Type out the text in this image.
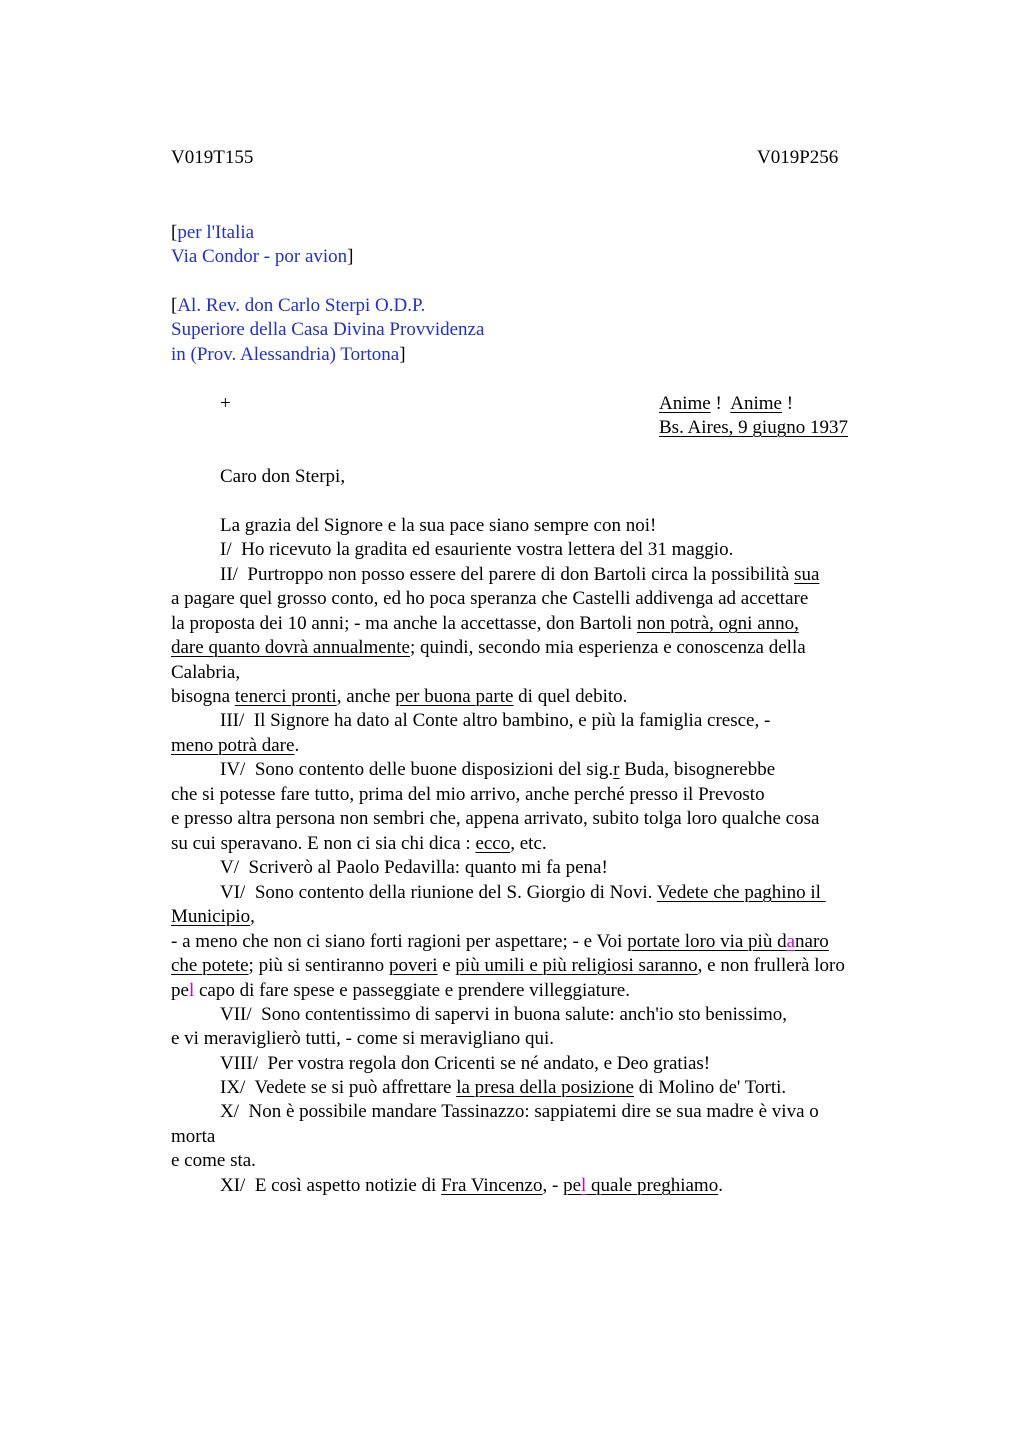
V019T155	V019P256
[per l'Italia
Via Condor - por avion]
[Al. Rev. don Carlo Sterpi O.D.P.
Superiore della Casa Divina Provvidenza
in (Prov. Alessandria) Tortona]
+	Anime !  Anime !
Bs. Aires, 9 giugno 1937
Caro don Sterpi,
La grazia del Signore e la sua pace siano sempre con noi!
I/  Ho ricevuto la gradita ed esauriente vostra lettera del 31 maggio.
II/  Purtroppo non posso essere del parere di don Bartoli circa la possibilità sua
a pagare quel grosso conto, ed ho poca speranza che Castelli addivenga ad accettare
la proposta dei 10 anni; - ma anche la accettasse, don Bartoli non potrà, ogni anno,
dare quanto dovrà annualmente; quindi, secondo mia esperienza e conoscenza della
Calabria,
bisogna tenerci pronti, anche per buona parte di quel debito.
III/  Il Signore ha dato al Conte altro bambino, e più la famiglia cresce, -
meno potrà dare.
IV/  Sono contento delle buone disposizioni del sig.r Buda, bisognerebbe
che si potesse fare tutto, prima del mio arrivo, anche perché presso il Prevosto
e presso altra persona non sembri che, appena arrivato, subito tolga loro qualche cosa
su cui speravano. E non ci sia chi dica : ecco, etc.
V/  Scriverò al Paolo Pedavilla: quanto mi fa pena!
VI/  Sono contento della riunione del S. Giorgio di Novi. Vedete che paghino il
Municipio,
- a meno che non ci siano forti ragioni per aspettare; - e Voi portate loro via più danaro
che potete; più si sentiranno poveri e più umili e più religiosi saranno, e non frullerà loro
pel capo di fare spese e passeggiate e prendere villeggiature.
VII/  Sono contentissimo di sapervi in buona salute: anch'io sto benissimo,
e vi meraviglierò tutti, - come si meravigliano qui.
VIII/  Per vostra regola don Cricenti se né andato, e Deo gratias!
IX/  Vedete se si può affrettare la presa della posizione di Molino de' Torti.
X/  Non è possibile mandare Tassinazzo: sappiatemi dire se sua madre è viva o
morta
e come sta.
XI/  E così aspetto notizie di Fra Vincenzo, - pel quale preghiamo.
